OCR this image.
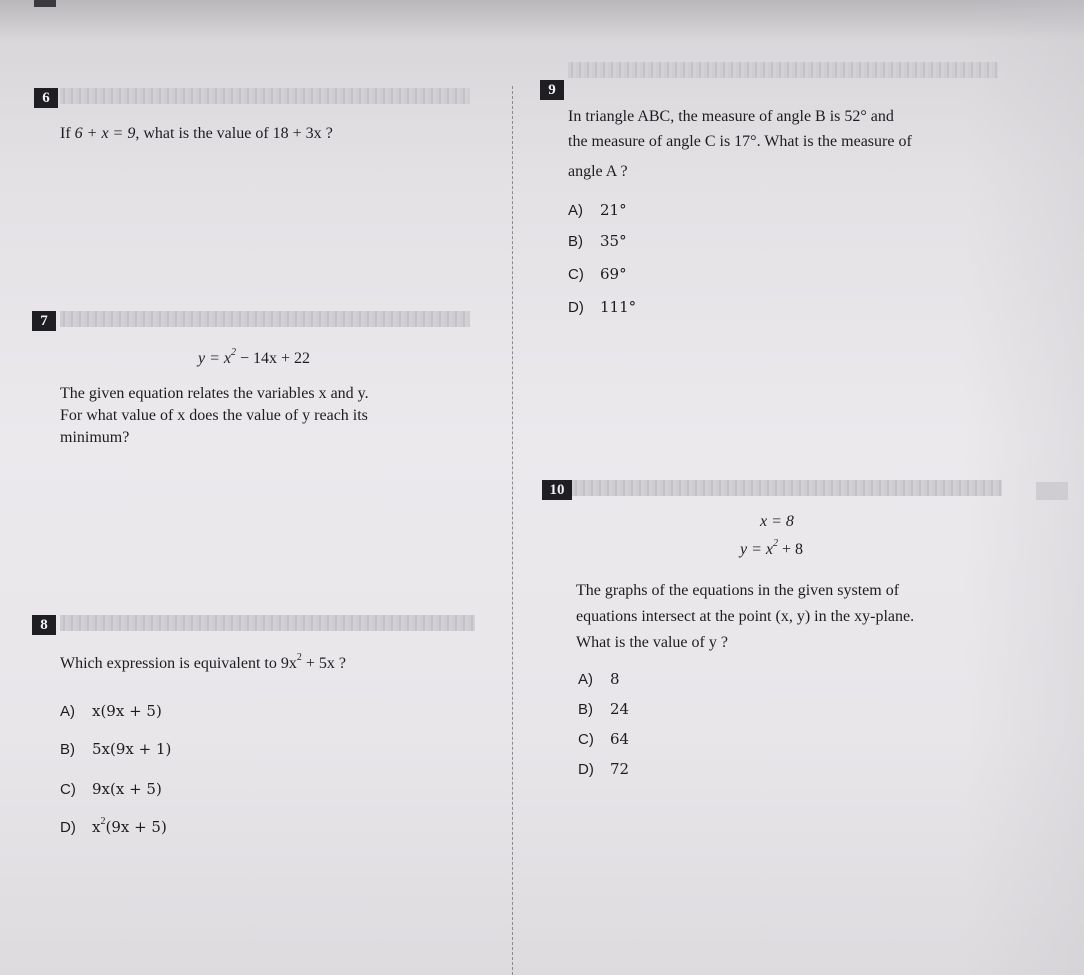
6
If 6 + x = 9, what is the value of 18 + 3x ?
7
$y = x^2 - 14x + 22$
The given equation relates the variables x and y.
For what value of x does the value of y reach its
minimum?
8
Which expression is equivalent to $9x^2 + 5x$ ?
A) x(9x + 5)
B) 5x(9x + 1)
C) 9x(x + 5)
D) $x^2(9x + 5)$
9
In triangle ABC, the measure of angle B is 52° and
the measure of angle C is 17°. What is the measure of
angle A ?
A) 21°
B) 35°
C) 69°
D) 111°
10
x = 8
$y = x^2 + 8$
The graphs of the equations in the given system of
equations intersect at the point (x, y) in the xy-plane.
What is the value of y ?
A) 8
B) 24
C) 64
D) 72
